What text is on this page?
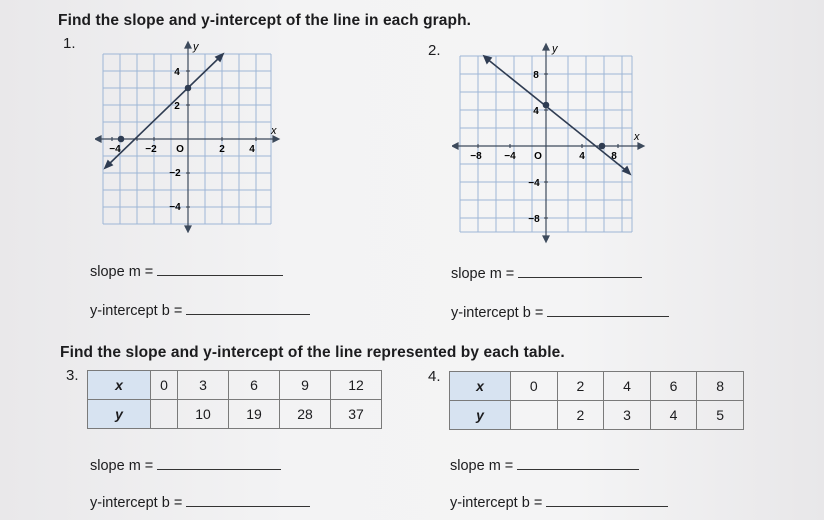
Find the slope and y-intercept of the line in each graph.
1.	y
x
−4 −2 O	2 4
4
2
−2
−4
2.	y
x
−8 −4 O	4	8
8
4
−4
−8
slope m =
y-intercept b =
slope m =
y-intercept b =
Find the slope and y-intercept of the line represented by each table.
3.
x	0	3	6	9	12
y		10	19	28	37
4.
x	0	2	4	6	8
y		2	3	4	5
slope m =
y-intercept b =
slope m =
y-intercept b =
